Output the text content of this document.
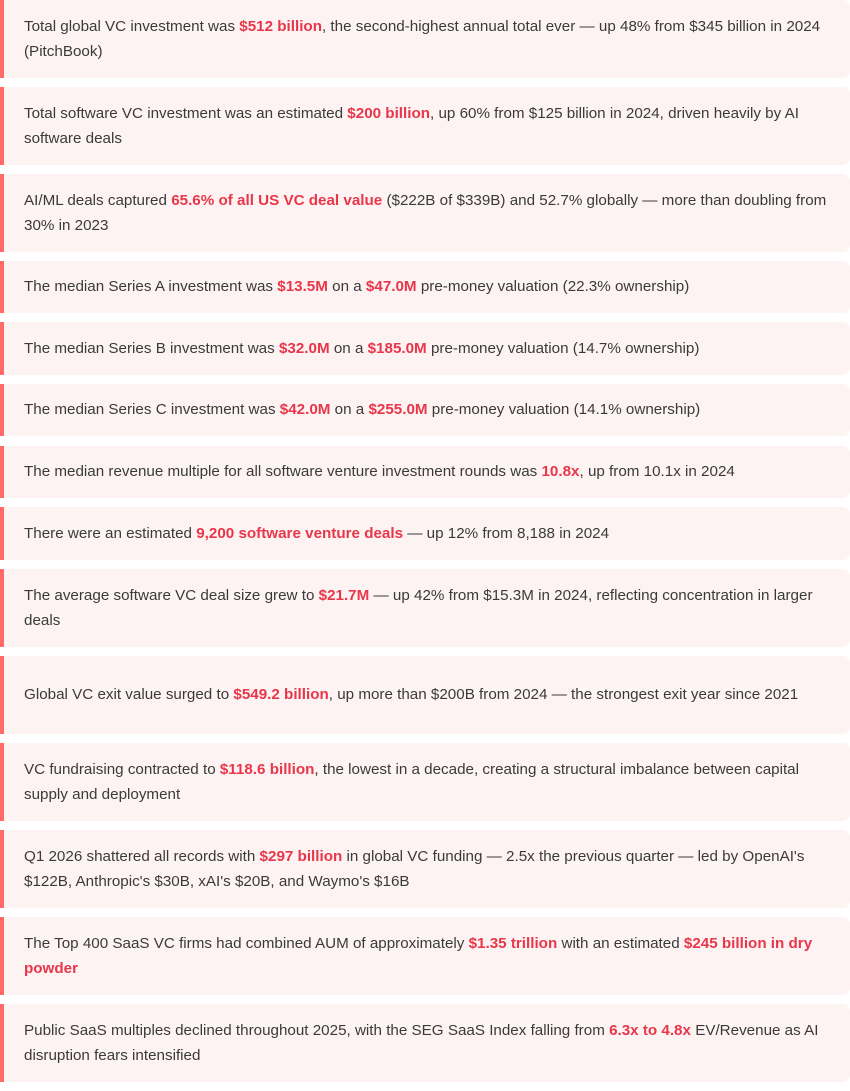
Total global VC investment was $512 billion, the second-highest annual total ever — up 48% from $345 billion in 2024 (PitchBook)
Total software VC investment was an estimated $200 billion, up 60% from $125 billion in 2024, driven heavily by AI software deals
AI/ML deals captured 65.6% of all US VC deal value ($222B of $339B) and 52.7% globally — more than doubling from 30% in 2023
The median Series A investment was $13.5M on a $47.0M pre-money valuation (22.3% ownership)
The median Series B investment was $32.0M on a $185.0M pre-money valuation (14.7% ownership)
The median Series C investment was $42.0M on a $255.0M pre-money valuation (14.1% ownership)
The median revenue multiple for all software venture investment rounds was 10.8x, up from 10.1x in 2024
There were an estimated 9,200 software venture deals — up 12% from 8,188 in 2024
The average software VC deal size grew to $21.7M — up 42% from $15.3M in 2024, reflecting concentration in larger deals
Global VC exit value surged to $549.2 billion, up more than $200B from 2024 — the strongest exit year since 2021
VC fundraising contracted to $118.6 billion, the lowest in a decade, creating a structural imbalance between capital supply and deployment
Q1 2026 shattered all records with $297 billion in global VC funding — 2.5x the previous quarter — led by OpenAI's $122B, Anthropic's $30B, xAI's $20B, and Waymo's $16B
The Top 400 SaaS VC firms had combined AUM of approximately $1.35 trillion with an estimated $245 billion in dry powder
Public SaaS multiples declined throughout 2025, with the SEG SaaS Index falling from 6.3x to 4.8x EV/Revenue as AI disruption fears intensified
